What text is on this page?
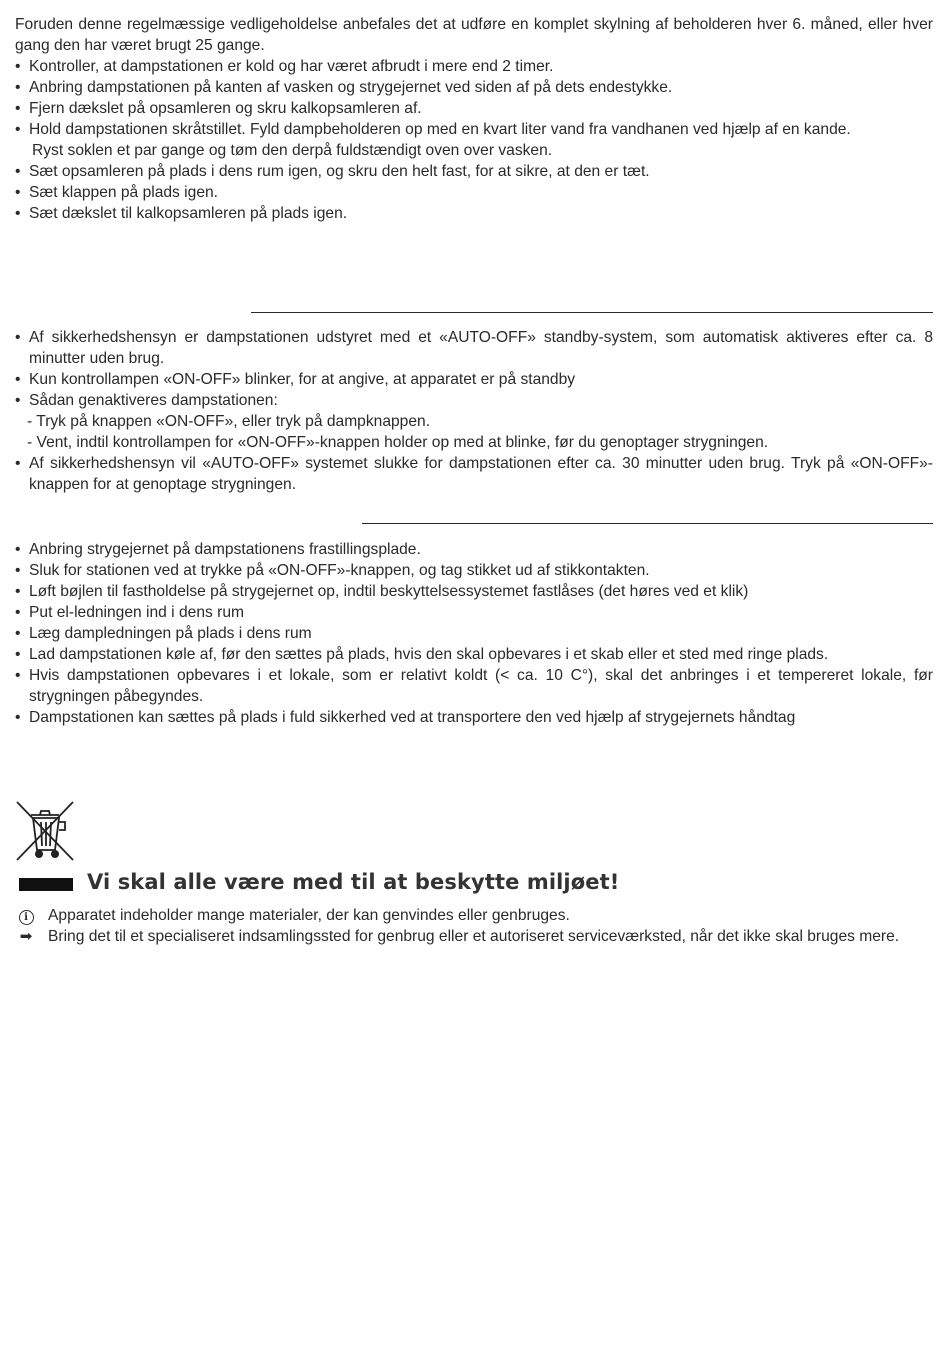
Foruden denne regelmæssige vedligeholdelse anbefales det at udføre en komplet skylning af beholderen hver 6. måned, eller hver gang den har været brugt 25 gange.

• Kontroller, at dampstationen er kold og har været afbrudt i mere end 2 timer.
• Anbring dampstationen på kanten af vasken og strygejernet ved siden af på dets endestykke.
• Fjern dækslet på opsamleren og skru kalkopsamleren af.
• Hold dampstationen skråtstillet. Fyld dampbeholderen op med en kvart liter vand fra vandhanen ved hjælp af en kande.

Ryst soklen et par gange og tøm den derpå fuldstændigt oven over vasken.

• Sæt opsamleren på plads i dens rum igen, og skru den helt fast, for at sikre, at den er tæt.
• Sæt klappen på plads igen.
• Sæt dækslet til kalkopsamleren på plads igen.
• Af sikkerhedshensyn er dampstationen udstyret med et «AUTO-OFF» standby-system, som automatisk aktiveres efter ca. 8 minutter uden brug.
• Kun kontrollampen «ON-OFF» blinker, for at angive, at apparatet er på standby
• Sådan genaktiveres dampstationen:

- Tryk på knappen «ON-OFF», eller tryk på dampknappen.

- Vent, indtil kontrollampen for «ON-OFF»-knappen holder op med at blinke, før du genoptager strygningen.

• Af sikkerhedshensyn vil «AUTO-OFF» systemet slukke for dampstationen efter ca. 30 minutter uden brug. Tryk på «ON-OFF»-knappen for at genoptage strygningen.
• Anbring strygejernet på dampstationens frastillingsplade.
• Sluk for stationen ved at trykke på «ON-OFF»-knappen, og tag stikket ud af stikkontakten.
• Løft bøjlen til fastholdelse på strygejernet op, indtil beskyttelsessystemet fastlåses (det høres ved et klik)
• Put el-ledningen ind i dens rum
• Læg dampledningen på plads i dens rum
• Lad dampstationen køle af, før den sættes på plads, hvis den skal opbevares i et skab eller et sted med ringe plads.
• Hvis dampstationen opbevares i et lokale, som er relativt koldt (< ca. 10 C°), skal det anbringes i et tempereret lokale, før strygningen påbegyndes.
• Dampstationen kan sættes på plads i fuld sikkerhed ved at transportere den ved hjælp af strygejernets håndtag
Vi skal alle være med til at beskytte miljøet!
i	Apparatet indeholder mange materialer, der kan genvindes eller genbruges.
➡	Bring det til et specialiseret indsamlingssted for genbrug eller et autoriseret serviceværksted, når det ikke skal bruges mere.
